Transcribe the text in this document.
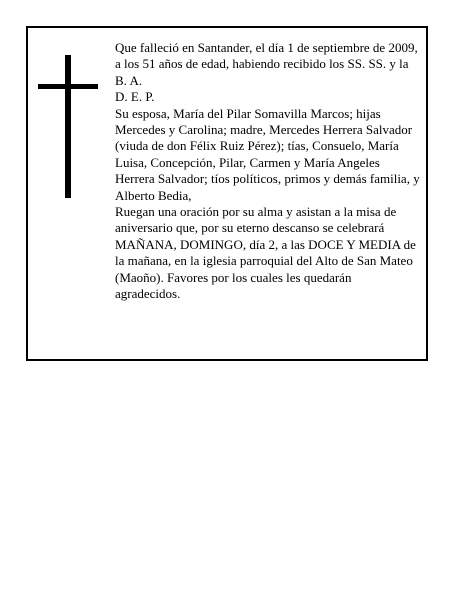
Que falleció en Santander, el día 1 de septiembre de 2009, a los 51 años de edad, habiendo recibido los SS. SS. y la B. A.

D. E. P.

Su esposa, María del Pilar Somavilla Marcos; hijas Mercedes y Carolina; madre, Mercedes Herrera Salvador (viuda de don Félix Ruiz Pérez); tías, Consuelo, María Luisa, Concepción, Pilar, Carmen y María Angeles Herrera Salvador; tíos políticos, primos y demás familia, y Alberto Bedia,

Ruegan una oración por su alma y asistan a la misa de aniversario que, por su eterno descanso se celebrará MAÑANA, DOMINGO, día 2, a las DOCE Y MEDIA de la mañana, en la iglesia parroquial del Alto de San Mateo (Maoño). Favores por los cuales les quedarán agradecidos.
